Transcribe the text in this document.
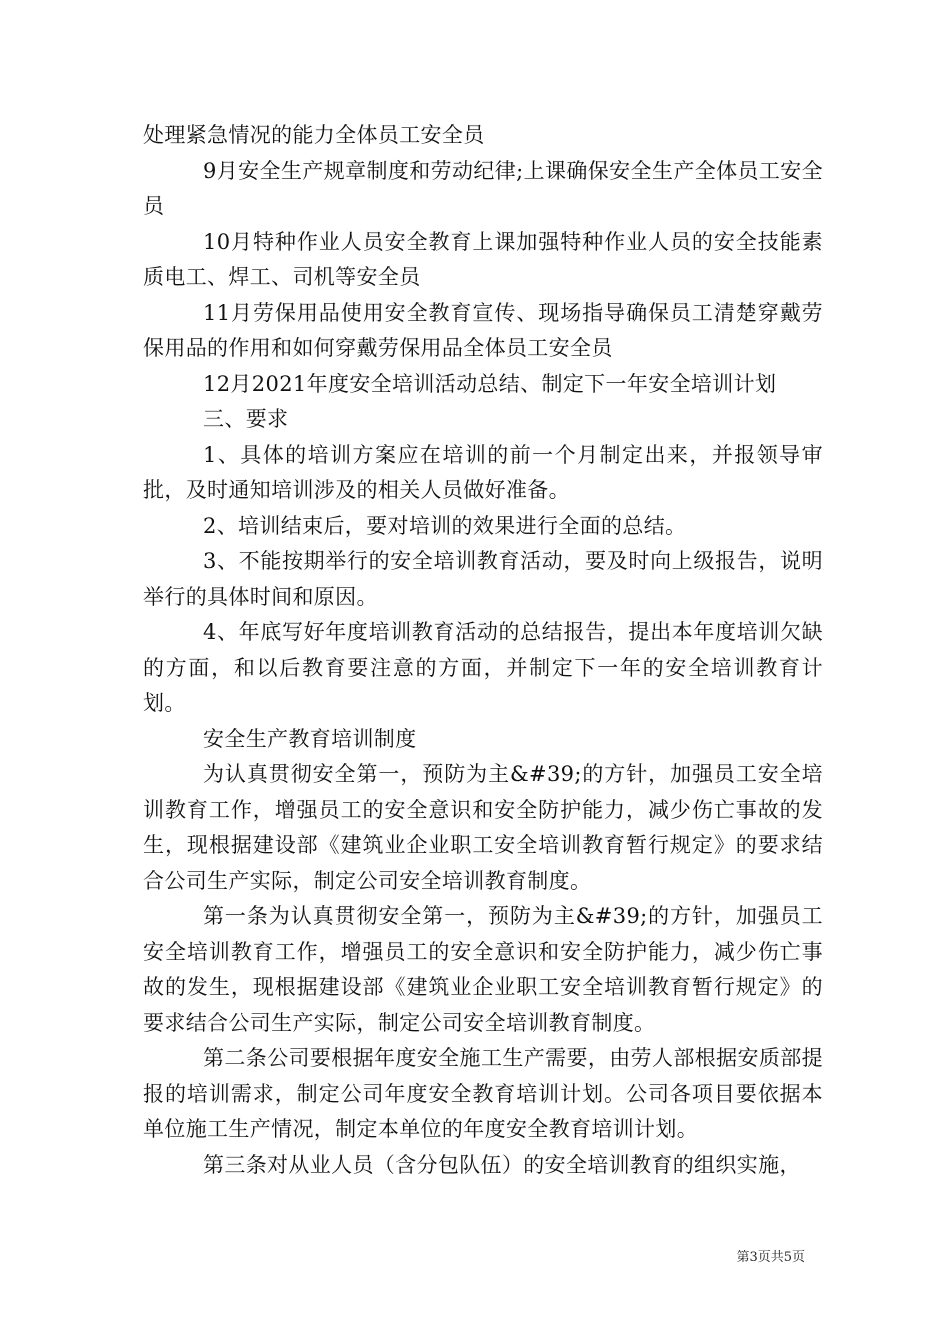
处理紧急情况的能力全体员工安全员

9月安全生产规章制度和劳动纪律;上课确保安全生产全体员工安全员

10月特种作业人员安全教育上课加强特种作业人员的安全技能素质电工、焊工、司机等安全员

11月劳保用品使用安全教育宣传、现场指导确保员工清楚穿戴劳保用品的作用和如何穿戴劳保用品全体员工安全员

12月2021年度安全培训活动总结、制定下一年安全培训计划

三、要求

1、具体的培训方案应在培训的前一个月制定出来，并报领导审批，及时通知培训涉及的相关人员做好准备。

2、培训结束后，要对培训的效果进行全面的总结。

3、不能按期举行的安全培训教育活动，要及时向上级报告，说明举行的具体时间和原因。

4、年底写好年度培训教育活动的总结报告，提出本年度培训欠缺的方面，和以后教育要注意的方面，并制定下一年的安全培训教育计划。

安全生产教育培训制度

为认真贯彻安全第一，预防为主&#39;的方针，加强员工安全培训教育工作，增强员工的安全意识和安全防护能力，减少伤亡事故的发生，现根据建设部《建筑业企业职工安全培训教育暂行规定》的要求结合公司生产实际，制定公司安全培训教育制度。

第一条为认真贯彻安全第一，预防为主&#39;的方针，加强员工安全培训教育工作，增强员工的安全意识和安全防护能力，减少伤亡事故的发生，现根据建设部《建筑业企业职工安全培训教育暂行规定》的要求结合公司生产实际，制定公司安全培训教育制度。

第二条公司要根据年度安全施工生产需要，由劳人部根据安质部提报的培训需求，制定公司年度安全教育培训计划。公司各项目要依据本单位施工生产情况，制定本单位的年度安全教育培训计划。

第三条对从业人员（含分包队伍）的安全培训教育的组织实施，

第3页共5页
